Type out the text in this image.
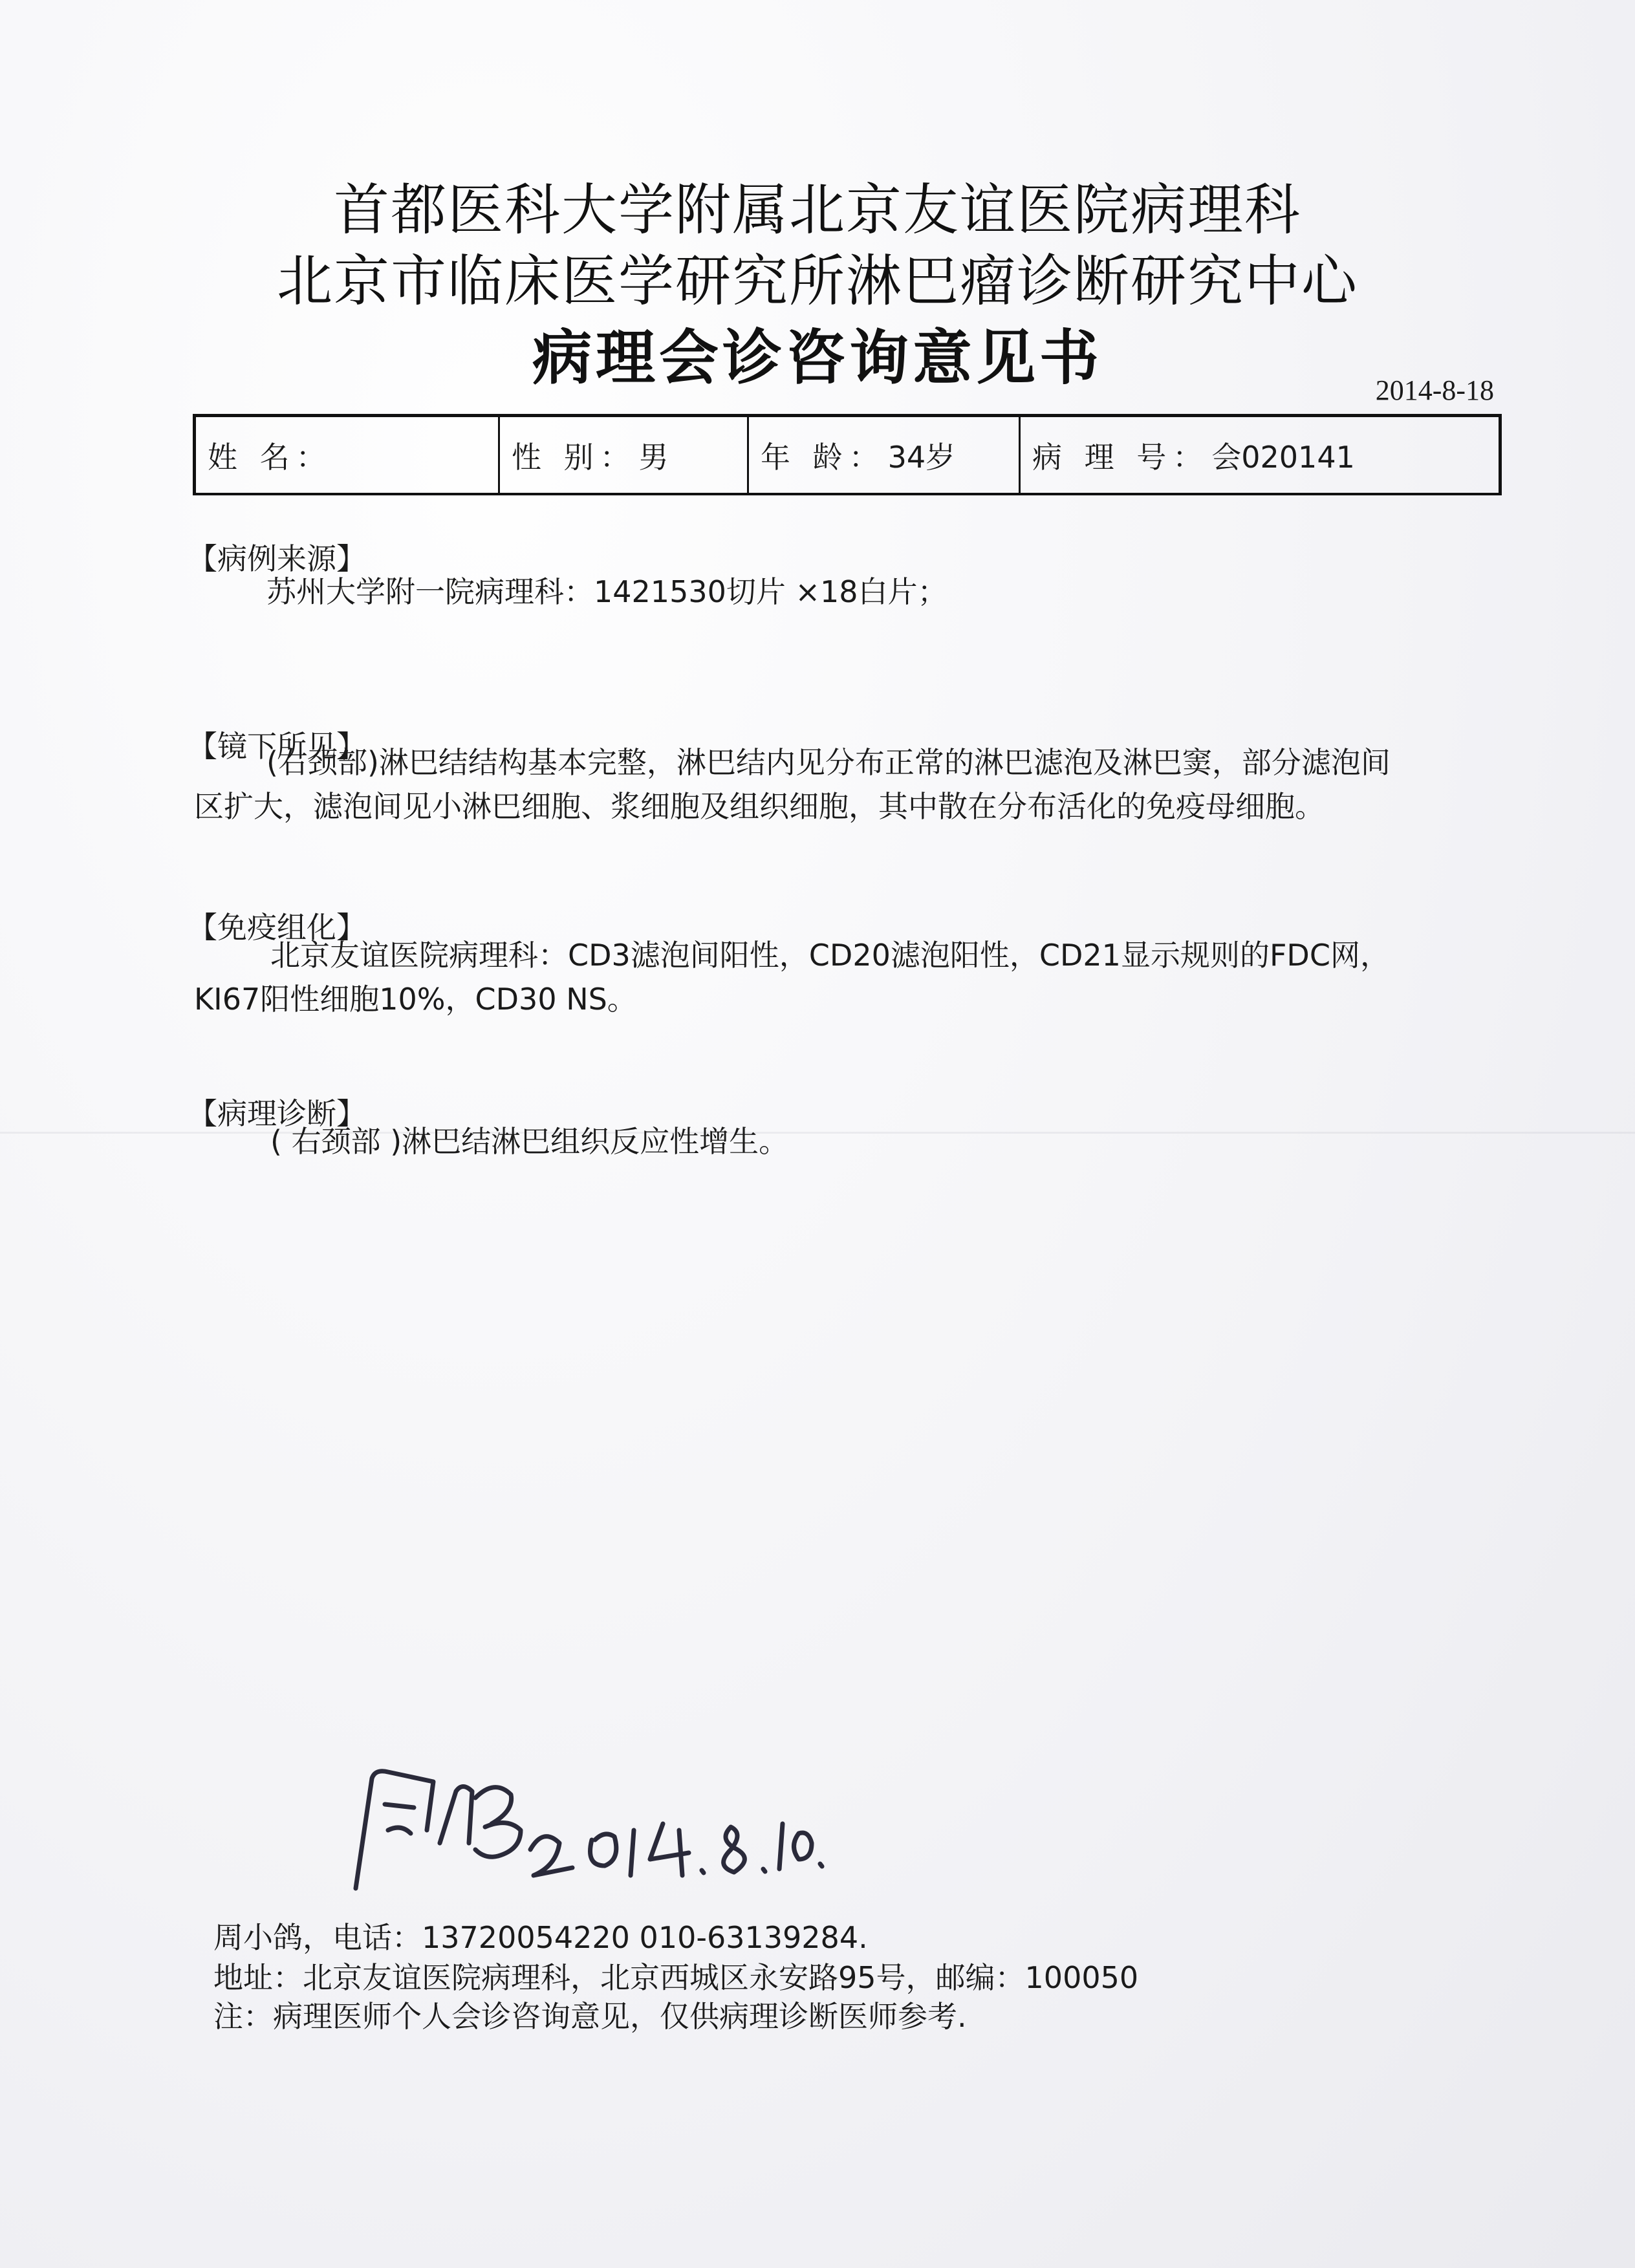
首都医科大学附属北京友谊医院病理科
北京市临床医学研究所淋巴瘤诊断研究中心
病理会诊咨询意见书	2014-8-18
姓 名：	性 别： 男	年 龄： 34岁	病 理 号： 会020141
【病例来源】
苏州大学附一院病理科：1421530切片 ×18白片；
【镜下所见】
(右颈部)淋巴结结构基本完整，淋巴结内见分布正常的淋巴滤泡及淋巴窦，部分滤泡间
区扩大，滤泡间见小淋巴细胞、浆细胞及组织细胞，其中散在分布活化的免疫母细胞。
【免疫组化】
北京友谊医院病理科：CD3滤泡间阳性，CD20滤泡阳性，CD21显示规则的FDC网，
KI67阳性细胞10%，CD30 NS。
【病理诊断】
( 右颈部 )淋巴结淋巴组织反应性增生。
周小鸽，电话：13720054220 010-63139284.
地址：北京友谊医院病理科，北京西城区永安路95号，邮编：100050
注：病理医师个人会诊咨询意见，仅供病理诊断医师参考.
